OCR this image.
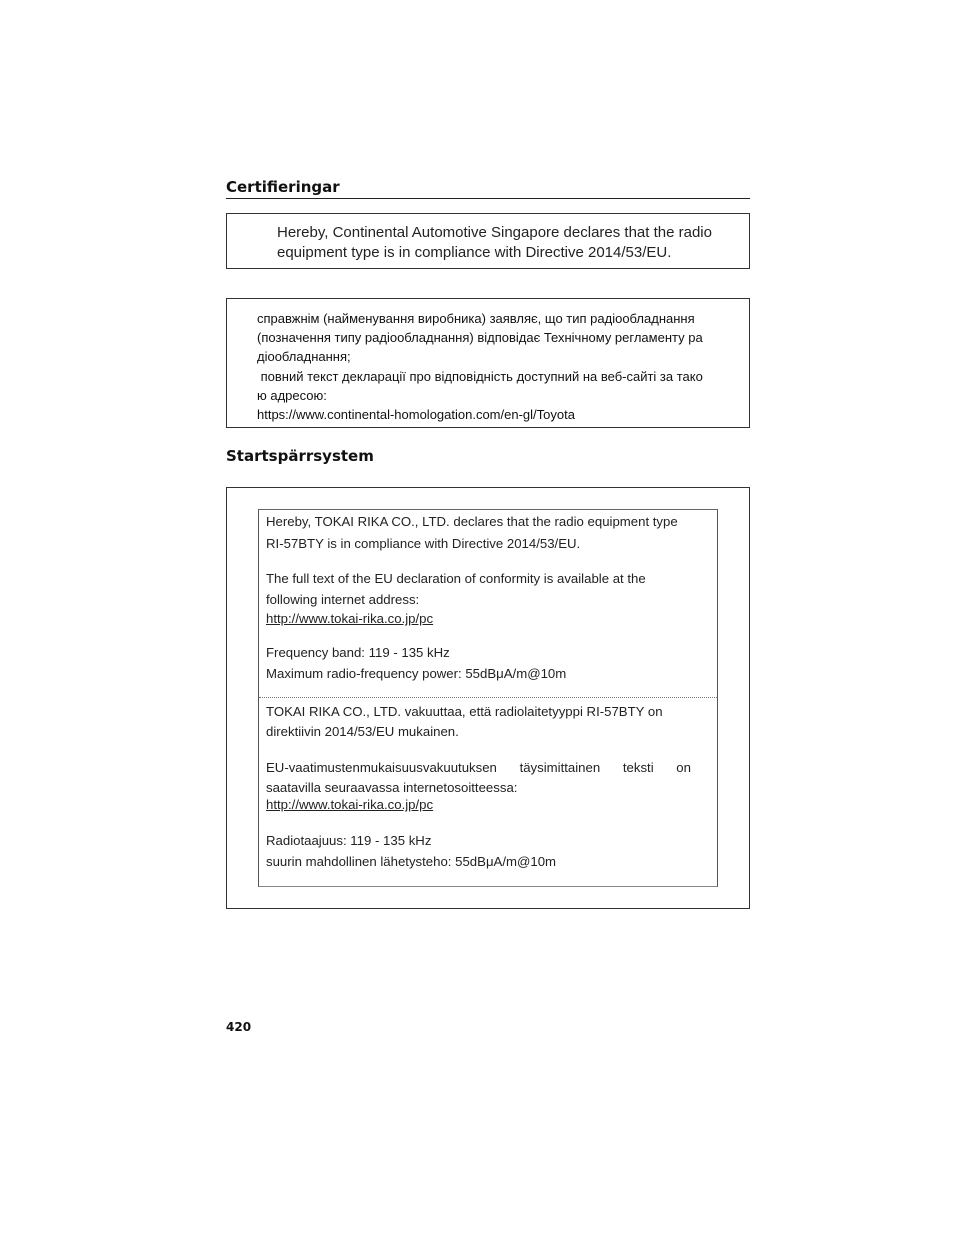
Certifieringar
Hereby, Continental Automotive Singapore declares that the radio
equipment type is in compliance with Directive 2014/53/EU.
справжнім (найменування виробника) заявляє, що тип радіообладнання
(позначення типу радіообладнання) відповідає Технічному регламенту ра
діообладнання;
повний текст декларації про відповідність доступний на веб-сайті за тако
ю адресою:
https://www.continental-homologation.com/en-gl/Toyota
Startspärrsystem
Hereby, TOKAI RIKA CO., LTD. declares that the radio equipment type
RI-57BTY is in compliance with Directive 2014/53/EU.
The full text of the EU declaration of conformity is available at the
following internet address:
http://www.tokai-rika.co.jp/pc
Frequency band: 119 - 135 kHz
Maximum radio-frequency power: 55dBμA/m@10m
TOKAI RIKA CO., LTD. vakuuttaa, että radiolaitetyyppi RI-57BTY on
direktiivin 2014/53/EU mukainen.
EU-vaatimustenmukaisuusvakuutuksen täysimittainen teksti on
saatavilla seuraavassa internetosoitteessa:
http://www.tokai-rika.co.jp/pc
Radiotaajuus: 119 - 135 kHz
suurin mahdollinen lähetysteho: 55dBμA/m@10m
420
